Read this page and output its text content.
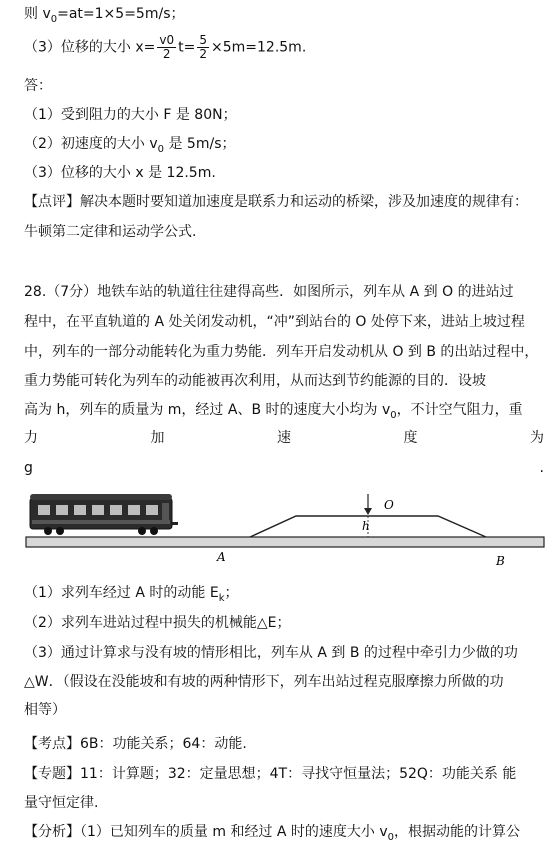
则 $v_0=at=1\times 5=5m/s$；
（3）位移的大小 $x= \frac{v0}{2} t= \frac{5}{2} \times 5m=12.5m$.
答：
（1）受到阻力的大小 F 是 80N；
（2）初速度的大小 $v_0$ 是 5m/s；
（3）位移的大小 x 是 12.5m.
【点评】解决本题时要知道加速度是联系力和运动的桥梁，涉及加速度的规律有：
牛顿第二定律和运动学公式.
28.（7分）地铁车站的轨道往往建得高些．如图所示，列车从 A 到 O 的进站过
程中，在平直轨道的 A 处关闭发动机，“冲”到站台的 O 处停下来，进站上坡过程
中，列车的一部分动能转化为重力势能．列车开启发动机从 O 到 B 的出站过程中，
重力势能可转化为列车的动能被再次利用，从而达到节约能源的目的．设坡
高为 h，列车的质量为 m，经过 A、B 时的速度大小均为 $v_0$，不计空气阻力，重
力	加	速	度	为
g	.
O
h
A	B
（1）求列车经过 A 时的动能 $E_k$；
（2）求列车进站过程中损失的机械能△E；
（3）通过计算求与没有坡的情形相比，列车从 A 到 B 的过程中牵引力少做的功
△W．（假设在没能坡和有坡的两种情形下，列车出站过程克服摩擦力所做的功
相等）
【考点】6B：功能关系；64：动能.
【专题】11：计算题；32：定量思想；4T：寻找守恒量法；52Q：功能关系 能
量守恒定律.
【分析】（1）已知列车的质量 m 和经过 A 时的速度大小 $v_0$，根据动能的计算公
